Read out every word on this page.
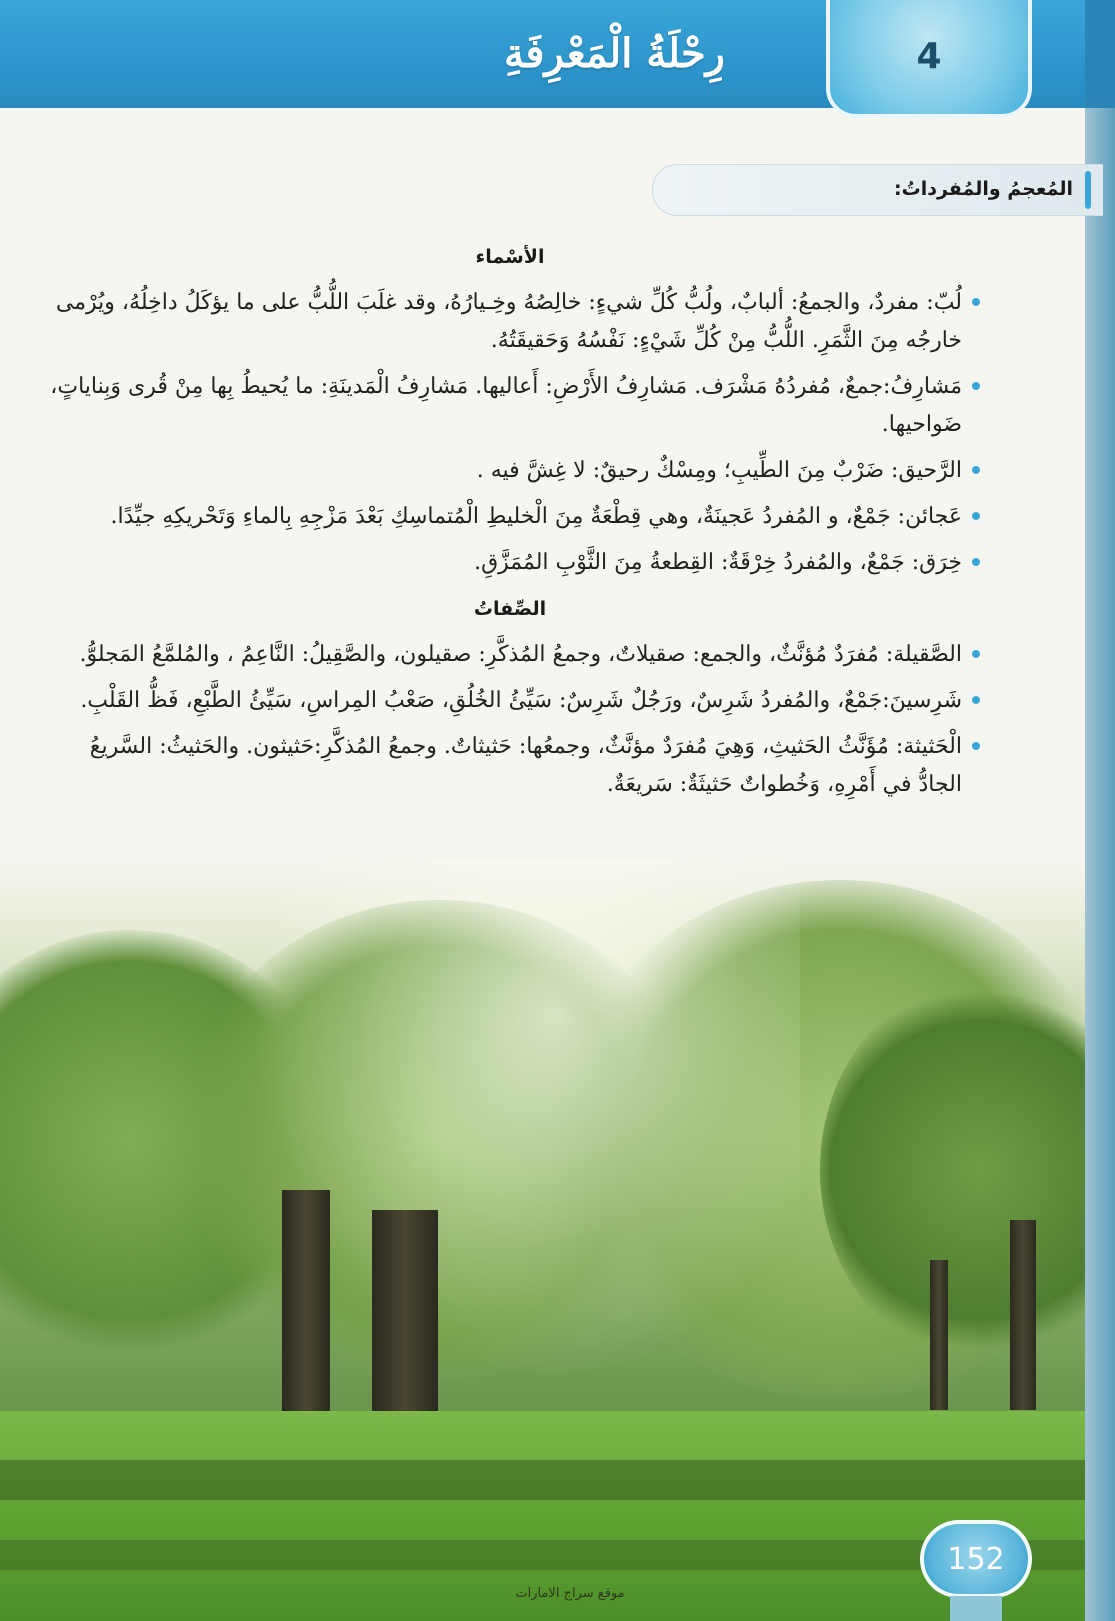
رِحْلَةُ الْمَعْرِفَةِ	4
المُعجمُ والمُفرداتُ:
الأسْماء
لُبّ: مفردٌ، والجمعُ: ألبابٌ، ولُبُّ كُلِّ شيءٍ: خالِصُهُ وخِـيارُهُ، وقد غلَبَ اللُّبُّ على ما يؤكَلُ داخِلُهُ، ويُرْمى خارجُه مِنَ الثَّمَرِ. اللُّبُّ مِنْ كُلِّ شَيْءٍ: نَفْسُهُ وَحَقيقَتُهُ.
مَشارِفُ:جمعٌ، مُفردُهُ مَشْرَف. مَشارِفُ الأَرْضِ: أَعاليها. مَشارِفُ الْمَدينَةِ: ما يُحيطُ بِها مِنْ قُرى وَبِناياتٍ، ضَواحيها.
الرَّحيق: ضَرْبٌ مِنَ الطِّيبِ؛ ومِسْكٌ رحيقٌ: لا غِشَّ فيه .
عَجائن: جَمْعٌ، و المُفردُ عَجينَةٌ، وهي قِطْعَةٌ مِنَ الْخليطِ الْمُتماسِكِ بَعْدَ مَزْجِهِ بِالماءِ وَتَحْريكِهِ جيِّدًا.
خِرَق: جَمْعٌ، والمُفردُ خِرْقَةٌ: القِطعةُ مِنَ الثَّوْبِ المُمَزَّقِ.
الصِّفاتُ
الصَّقيلة: مُفرَدٌ مُؤنَّثٌ، والجمع: صقيلاتٌ، وجمعُ المُذكَّرِ: صقيلون، والصَّقِيلُ: النَّاعِمُ ، والمُلمَّعُ المَجلوُّ.
شَرِسينَ:جَمْعٌ، والمُفردُ شَرِسٌ، ورَجُلٌ شَرِسٌ: سَيِّئُ الخُلُقِ، صَعْبُ المِراسِ، سَيِّئُ الطَّبْعِ، فَظُّ القَلْبِ.
الْحَثيثة: مُؤَنَّثُ الحَثيثِ، وَهِيَ مُفرَدٌ مؤنَّثٌ، وجمعُها: حَثيثاتٌ. وجمعُ المُذكَّرِ:حَثيثون. والحَثيثُ: السَّريعُ الجادُّ في أَمْرِهِ، وَخُطواتٌ حَثيثَةٌ: سَريعَةٌ.
152
موقع سراج الامارات
